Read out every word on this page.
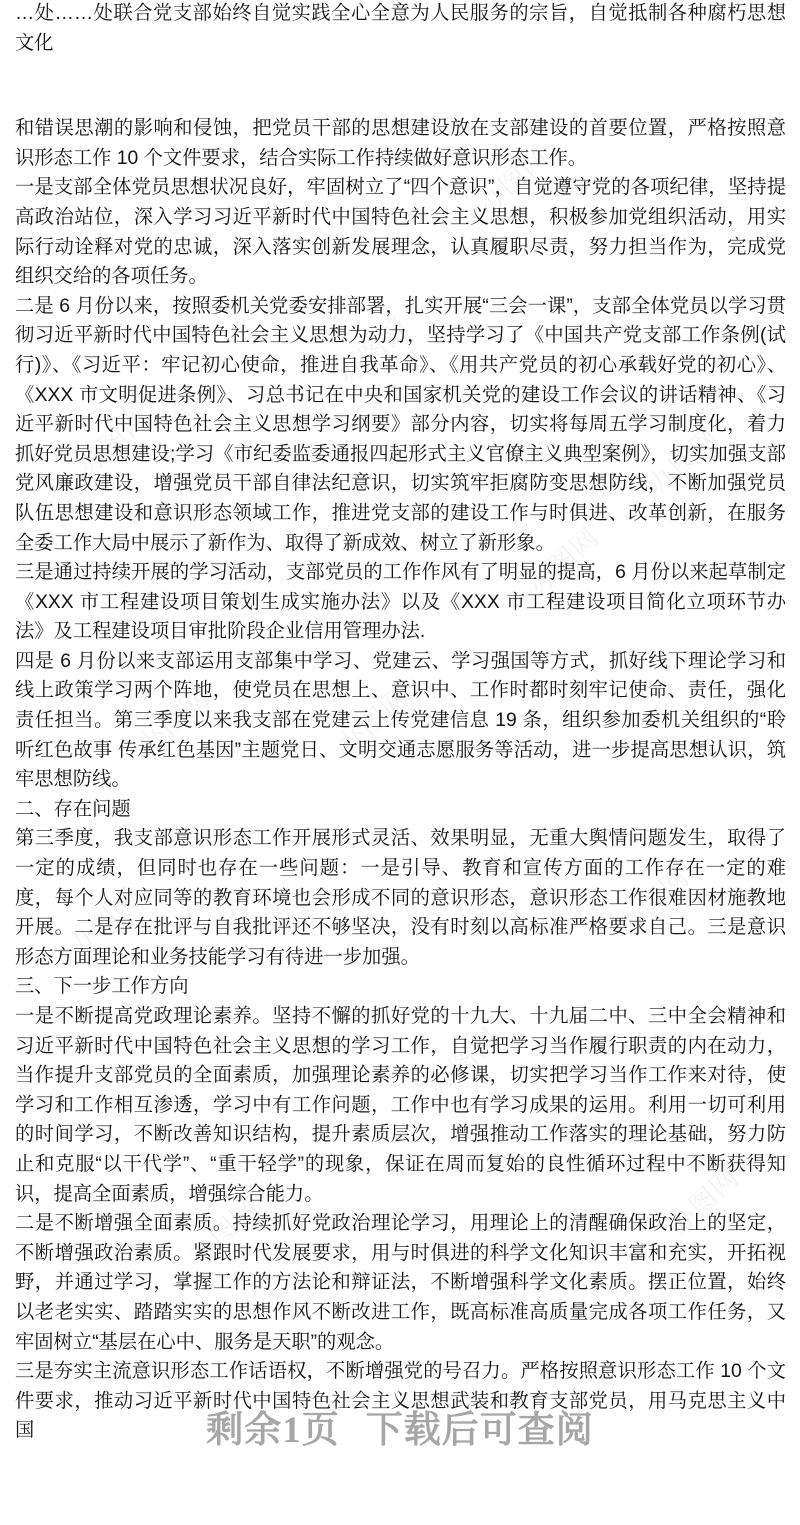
…处……处联合党支部始终自觉实践全心全意为人民服务的宗旨，自觉抵制各种腐朽思想文化

和错误思潮的影响和侵蚀，把党员干部的思想建设放在支部建设的首要位置，严格按照意识形态工作 10 个文件要求，结合实际工作持续做好意识形态工作。

一是支部全体党员思想状况良好，牢固树立了“四个意识”，自觉遵守党的各项纪律，坚持提高政治站位，深入学习习近平新时代中国特色社会主义思想，积极参加党组织活动，用实际行动诠释对党的忠诚，深入落实创新发展理念，认真履职尽责，努力担当作为，完成党组织交给的各项任务。

二是 6 月份以来，按照委机关党委安排部署，扎实开展“三会一课”，支部全体党员以学习贯彻习近平新时代中国特色社会主义思想为动力，坚持学习了《中国共产党支部工作条例(试行)》、《习近平：牢记初心使命，推进自我革命》、《用共产党员的初心承载好党的初心》、《XXX 市文明促进条例》、习总书记在中央和国家机关党的建设工作会议的讲话精神、《习近平新时代中国特色社会主义思想学习纲要》部分内容，切实将每周五学习制度化，着力抓好党员思想建设;学习《市纪委监委通报四起形式主义官僚主义典型案例》，切实加强支部党风廉政建设，增强党员干部自律法纪意识，切实筑牢拒腐防变思想防线，不断加强党员队伍思想建设和意识形态领域工作，推进党支部的建设工作与时俱进、改革创新，在服务全委工作大局中展示了新作为、取得了新成效、树立了新形象。

三是通过持续开展的学习活动，支部党员的工作作风有了明显的提高，6 月份以来起草制定《XXX 市工程建设项目策划生成实施办法》以及《XXX 市工程建设项目简化立项环节办法》及工程建设项目审批阶段企业信用管理办法.

四是 6 月份以来支部运用支部集中学习、党建云、学习强国等方式，抓好线下理论学习和线上政策学习两个阵地，使党员在思想上、意识中、工作时都时刻牢记使命、责任，强化责任担当。第三季度以来我支部在党建云上传党建信息 19 条，组织参加委机关组织的“聆听红色故事 传承红色基因”主题党日、文明交通志愿服务等活动，进一步提高思想认识，筑牢思想防线。

二、存在问题

第三季度，我支部意识形态工作开展形式灵活、效果明显，无重大舆情问题发生，取得了一定的成绩，但同时也存在一些问题：一是引导、教育和宣传方面的工作存在一定的难度，每个人对应同等的教育环境也会形成不同的意识形态，意识形态工作很难因材施教地开展。二是存在批评与自我批评还不够坚决，没有时刻以高标准严格要求自己。三是意识形态方面理论和业务技能学习有待进一步加强。

三、下一步工作方向

一是不断提高党政理论素养。坚持不懈的抓好党的十九大、十九届二中、三中全会精神和习近平新时代中国特色社会主义思想的学习工作，自觉把学习当作履行职责的内在动力，当作提升支部党员的全面素质，加强理论素养的必修课，切实把学习当作工作来对待，使学习和工作相互渗透，学习中有工作问题，工作中也有学习成果的运用。利用一切可利用的时间学习，不断改善知识结构，提升素质层次，增强推动工作落实的理论基础，努力防止和克服“以干代学”、“重干轻学”的现象，保证在周而复始的良性循环过程中不断获得知识，提高全面素质，增强综合能力。

二是不断增强全面素质。持续抓好党政治理论学习，用理论上的清醒确保政治上的坚定，不断增强政治素质。紧跟时代发展要求，用与时俱进的科学文化知识丰富和充实，开拓视野，并通过学习，掌握工作的方法论和辩证法，不断增强科学文化素质。摆正位置，始终以老老实实、踏踏实实的思想作风不断改进工作，既高标准高质量完成各项工作任务，又牢固树立“基层在心中、服务是天职”的观念。

三是夯实主流意识形态工作话语权，不断增强党的号召力。严格按照意识形态工作 10 个文件要求，推动习近平新时代中国特色社会主义思想武装和教育支部党员，用马克思主义中国	剩余1页 下载后可查阅
